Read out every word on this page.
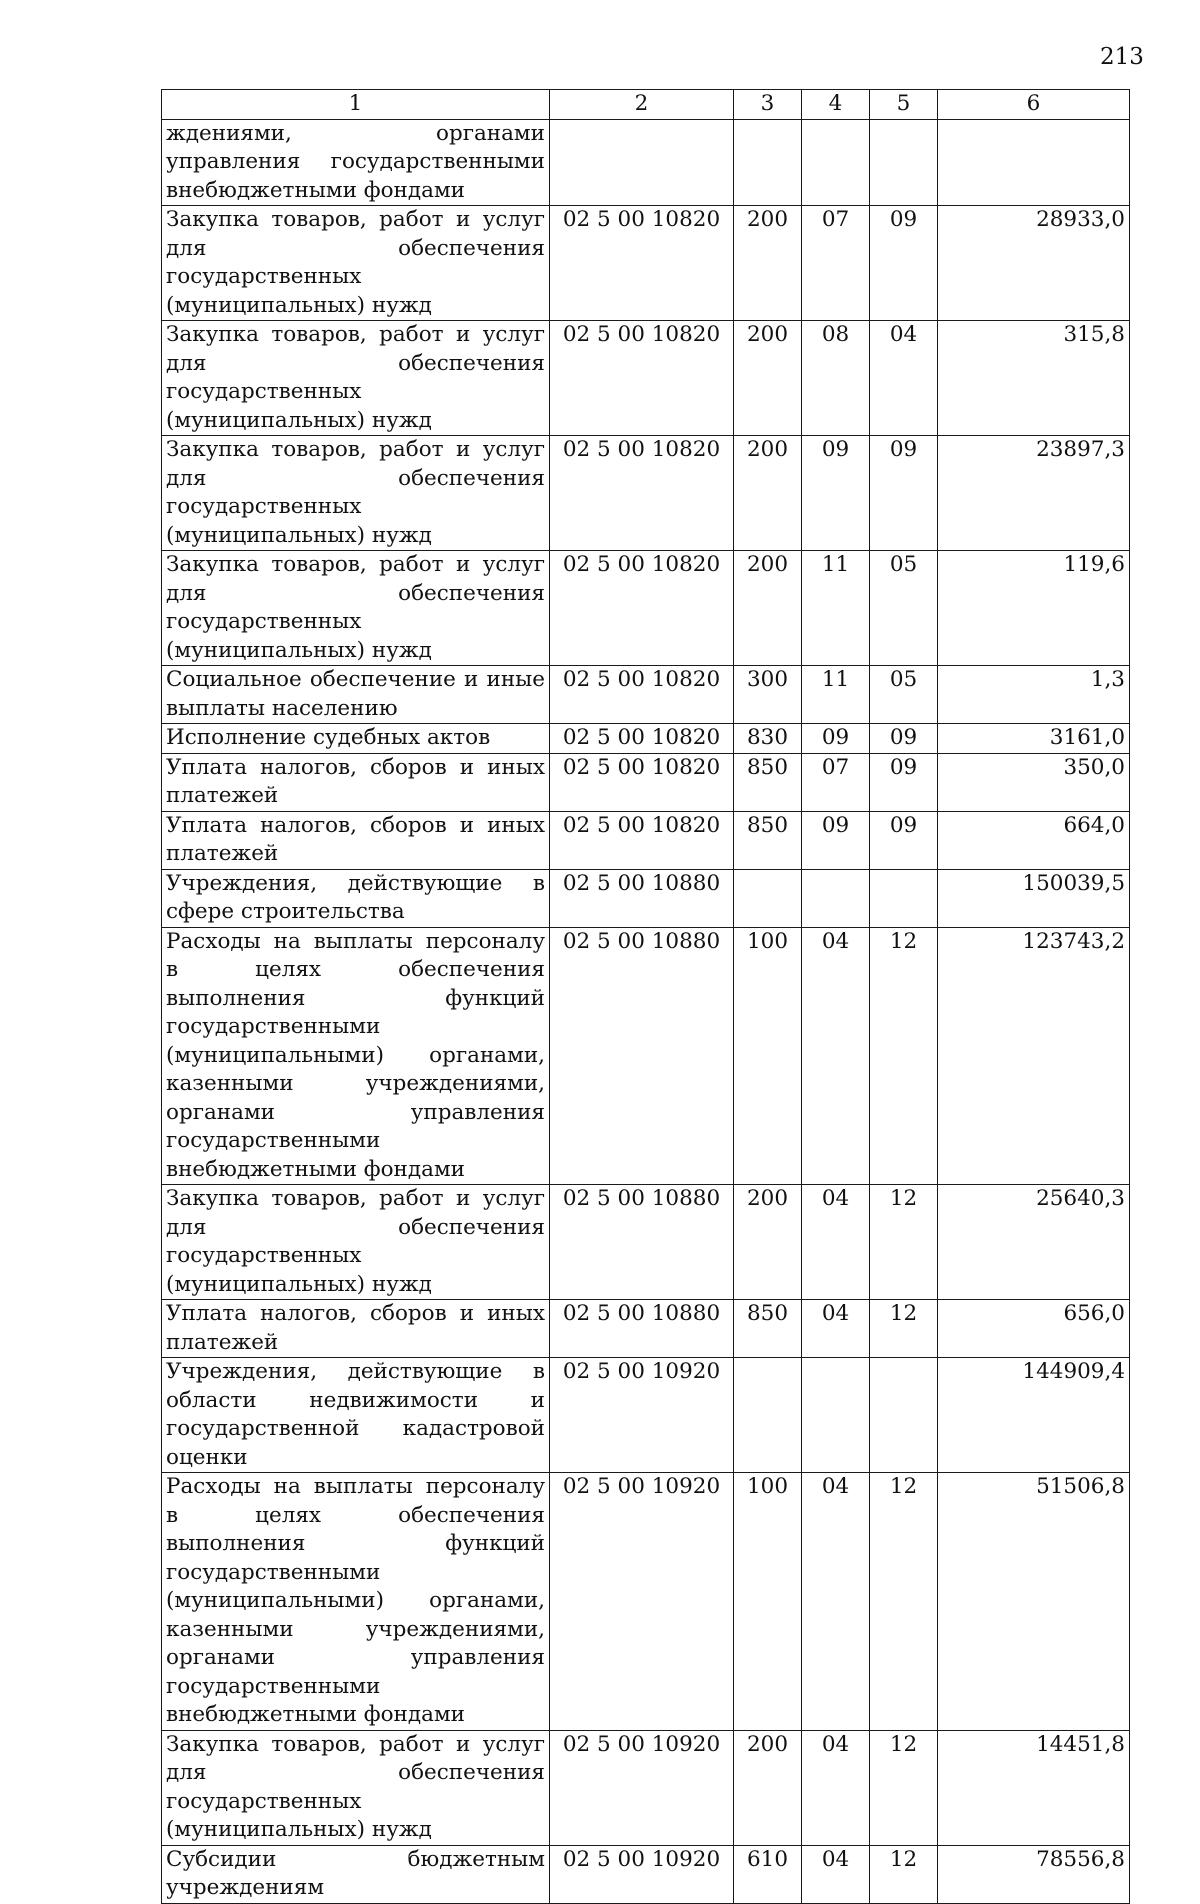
213
1	2	3	4	5	6
ждениями, органами управления государственными внебюджетными фондами					
Закупка товаров, работ и услуг для обеспечения государственных (муниципальных) нужд	02 5 00 10820	200	07	09	28933,0
Закупка товаров, работ и услуг для обеспечения государственных (муниципальных) нужд	02 5 00 10820	200	08	04	315,8
Закупка товаров, работ и услуг для обеспечения государственных (муниципальных) нужд	02 5 00 10820	200	09	09	23897,3
Закупка товаров, работ и услуг для обеспечения государственных (муниципальных) нужд	02 5 00 10820	200	11	05	119,6
Социальное обеспечение и иные выплаты населению	02 5 00 10820	300	11	05	1,3
Исполнение судебных актов	02 5 00 10820	830	09	09	3161,0
Уплата налогов, сборов и иных платежей	02 5 00 10820	850	07	09	350,0
Уплата налогов, сборов и иных платежей	02 5 00 10820	850	09	09	664,0
Учреждения, действующие в сфере строительства	02 5 00 10880				150039,5
Расходы на выплаты персоналу в целях обеспечения выполнения функций государственными (муниципальными) органами, казенными учреждениями, органами управления государственными внебюджетными фондами	02 5 00 10880	100	04	12	123743,2
Закупка товаров, работ и услуг для обеспечения государственных (муниципальных) нужд	02 5 00 10880	200	04	12	25640,3
Уплата налогов, сборов и иных платежей	02 5 00 10880	850	04	12	656,0
Учреждения, действующие в области недвижимости и государственной кадастровой оценки	02 5 00 10920				144909,4
Расходы на выплаты персоналу в целях обеспечения выполнения функций государственными (муниципальными) органами, казенными учреждениями, органами управления государственными внебюджетными фондами	02 5 00 10920	100	04	12	51506,8
Закупка товаров, работ и услуг для обеспечения государственных (муниципальных) нужд	02 5 00 10920	200	04	12	14451,8
Субсидии бюджетным учреждениям	02 5 00 10920	610	04	12	78556,8
